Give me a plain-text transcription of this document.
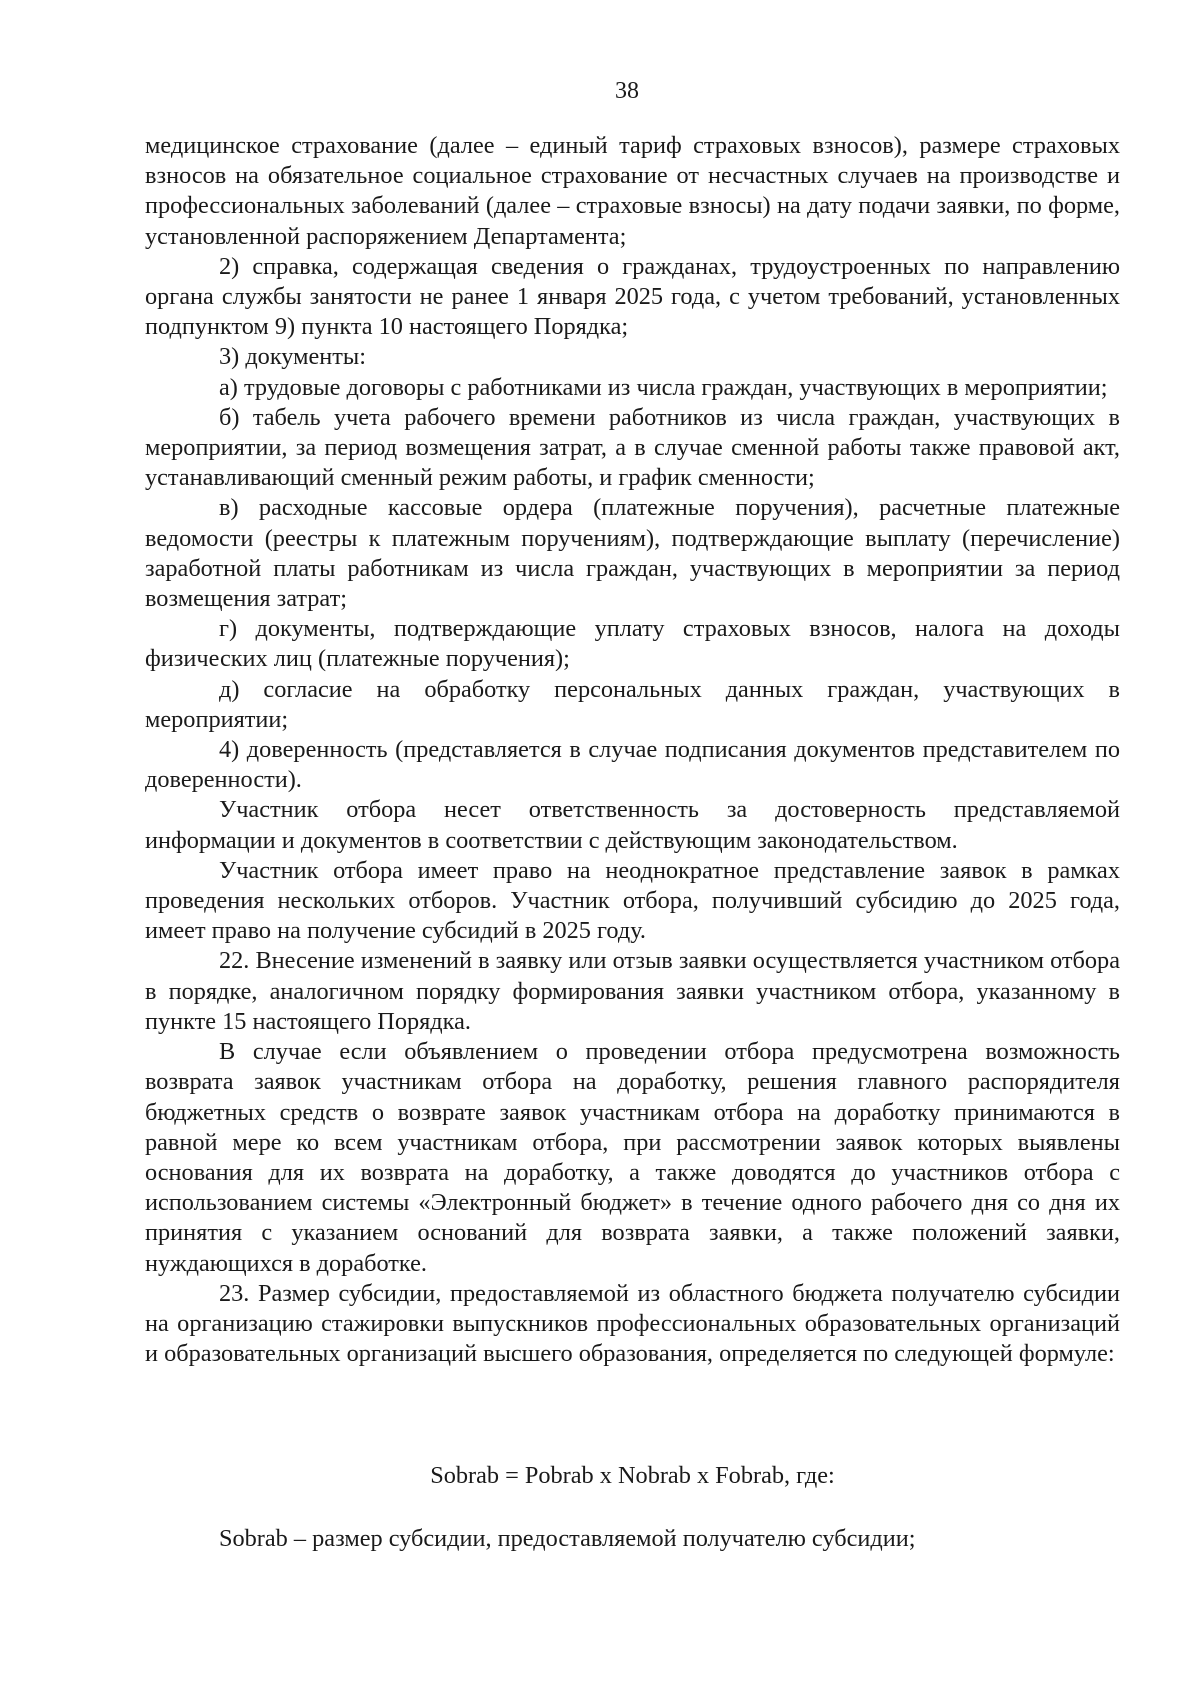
38

медицинское страхование (далее – единый тариф страховых взносов), размере страховых взносов на обязательное социальное страхование от несчастных случаев на производстве и профессиональных заболеваний (далее – страховые взносы) на дату подачи заявки, по форме, установленной распоряжением Департамента;

2) справка, содержащая сведения о гражданах, трудоустроенных по направлению органа службы занятости не ранее 1 января 2025 года, с учетом требований, установленных подпунктом 9) пункта 10 настоящего Порядка;

3) документы:

а) трудовые договоры с работниками из числа граждан, участвующих в мероприятии;

б) табель учета рабочего времени работников из числа граждан, участвующих в мероприятии, за период возмещения затрат, а в случае сменной работы также правовой акт, устанавливающий сменный режим работы, и график сменности;

в) расходные кассовые ордера (платежные поручения), расчетные платежные ведомости (реестры к платежным поручениям), подтверждающие выплату (перечисление) заработной платы работникам из числа граждан, участвующих в мероприятии за период возмещения затрат;

г) документы, подтверждающие уплату страховых взносов, налога на доходы физических лиц (платежные поручения);

д) согласие на обработку персональных данных граждан, участвующих в мероприятии;

4) доверенность (представляется в случае подписания документов представителем по доверенности).

Участник отбора несет ответственность за достоверность представляемой информации и документов в соответствии с действующим законодательством.

Участник отбора имеет право на неоднократное представление заявок в рамках проведения нескольких отборов. Участник отбора, получивший субсидию до 2025 года, имеет право на получение субсидий в 2025 году.

22. Внесение изменений в заявку или отзыв заявки осуществляется участником отбора в порядке, аналогичном порядку формирования заявки участником отбора, указанному в пункте 15 настоящего Порядка.

В случае если объявлением о проведении отбора предусмотрена возможность возврата заявок участникам отбора на доработку, решения главного распорядителя бюджетных средств о возврате заявок участникам отбора на доработку принимаются в равной мере ко всем участникам отбора, при рассмотрении заявок которых выявлены основания для их возврата на доработку, а также доводятся до участников отбора с использованием системы «Электронный бюджет» в течение одного рабочего дня со дня их принятия с указанием оснований для возврата заявки, а также положений заявки, нуждающихся в доработке.

23. Размер субсидии, предоставляемой из областного бюджета получателю субсидии на организацию стажировки выпускников профессиональных образовательных организаций и образовательных организаций высшего образования, определяется по следующей формуле:

Sobrab = Pobrab x Nobrab x Fobrab, где:

Sobrab – размер субсидии, предоставляемой получателю субсидии;
